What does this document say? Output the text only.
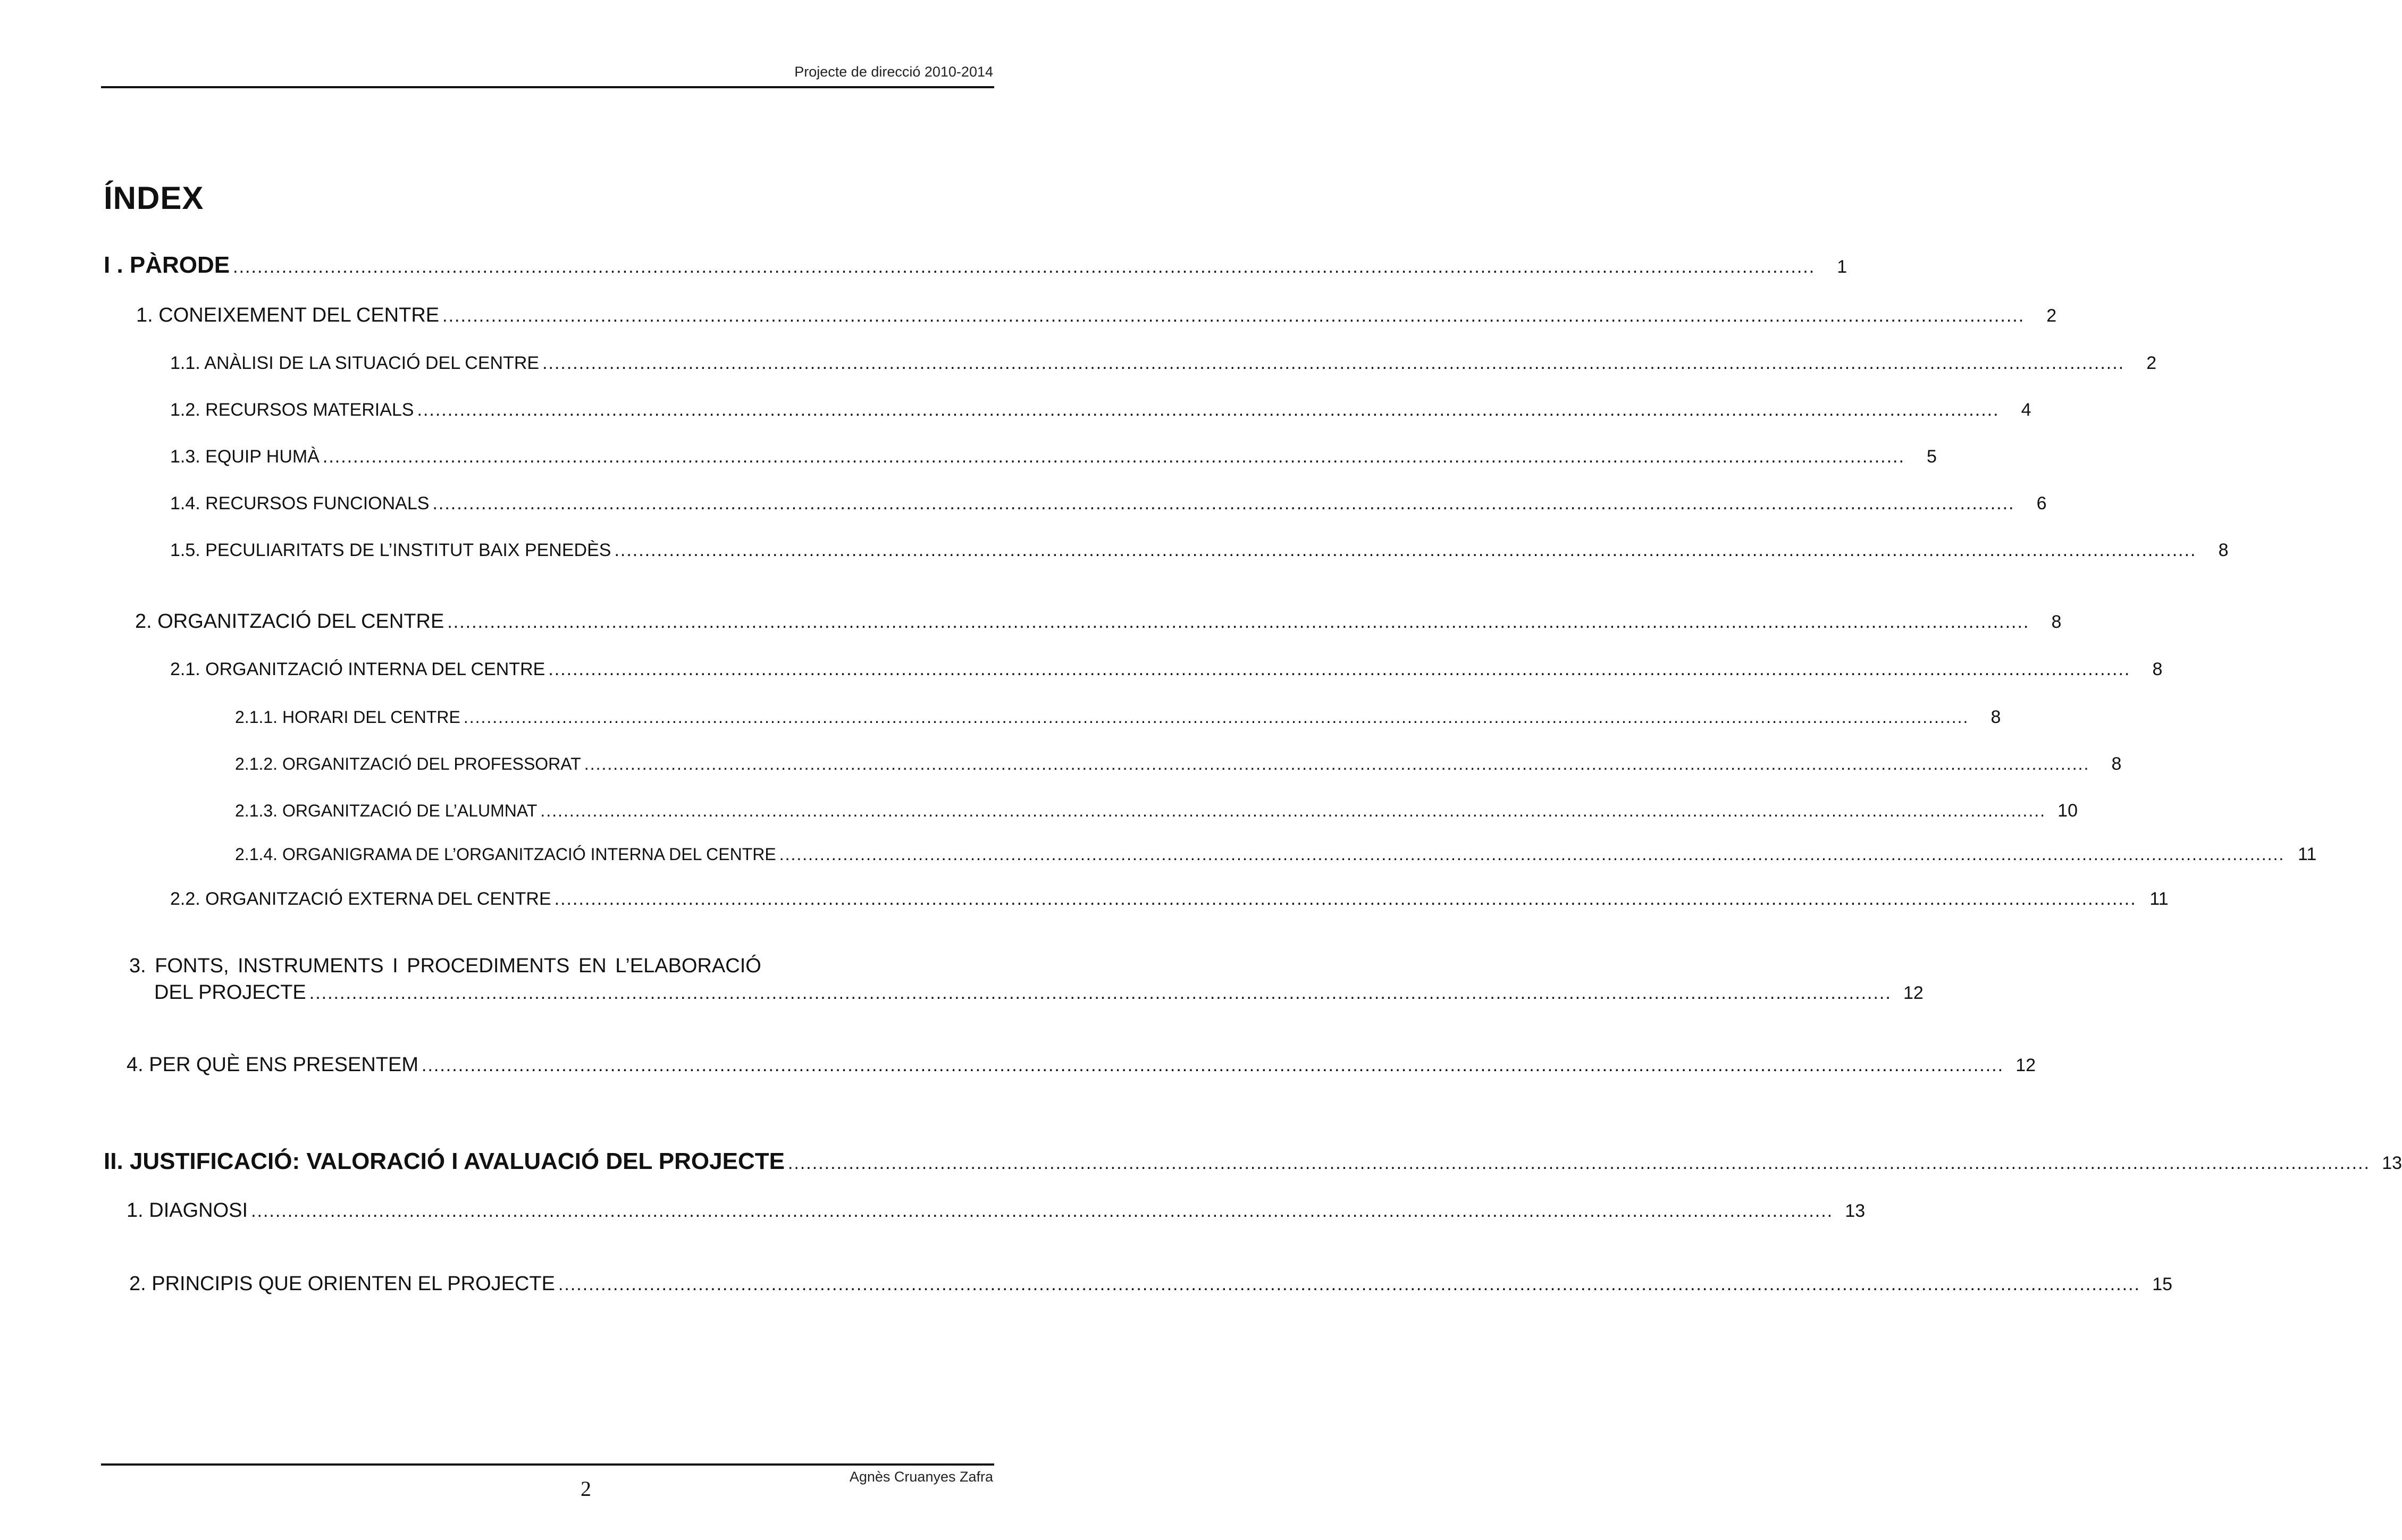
Projecte de direcció 2010-2014
ÍNDEX
I . PÀRODE ....................................................................................................................................................................................................................................................................	1
1. CONEIXEMENT DEL CENTRE ....................................................................................................................................................................................................................................................................	2
1.1. ANÀLISI DE LA SITUACIÓ DEL CENTRE ....................................................................................................................................................................................................................................................................	2
1.2. RECURSOS MATERIALS ....................................................................................................................................................................................................................................................................	4
1.3. EQUIP HUMÀ ....................................................................................................................................................................................................................................................................	5
1.4. RECURSOS FUNCIONALS ....................................................................................................................................................................................................................................................................	6
1.5. PECULIARITATS DE L’INSTITUT BAIX PENEDÈS ....................................................................................................................................................................................................................................................................	8
2. ORGANITZACIÓ DEL CENTRE ....................................................................................................................................................................................................................................................................	8
2.1. ORGANITZACIÓ INTERNA DEL CENTRE ....................................................................................................................................................................................................................................................................	8
2.1.1. HORARI DEL CENTRE ....................................................................................................................................................................................................................................................................	8
2.1.2. ORGANITZACIÓ DEL PROFESSORAT ....................................................................................................................................................................................................................................................................	8
2.1.3. ORGANITZACIÓ DE L’ALUMNAT .................................................................................................................................................................................................................................................................... 10
2.1.4. ORGANIGRAMA DE L’ORGANITZACIÓ INTERNA DEL CENTRE .................................................................................................................................................................................................................................................................... 11
2.2. ORGANITZACIÓ EXTERNA DEL CENTRE .................................................................................................................................................................................................................................................................... 11
3. FONTS, INSTRUMENTS I PROCEDIMENTS EN L’ELABORACIÓ
DEL PROJECTE .................................................................................................................................................................................................................................................................... 12
4. PER QUÈ ENS PRESENTEM .................................................................................................................................................................................................................................................................... 12
II. JUSTIFICACIÓ: VALORACIÓ I AVALUACIÓ DEL PROJECTE .................................................................................................................................................................................................................................................................... 13
1. DIAGNOSI .................................................................................................................................................................................................................................................................... 13
2. PRINCIPIS QUE ORIENTEN EL PROJECTE .................................................................................................................................................................................................................................................................... 15
Agnès Cruanyes Zafra
2
